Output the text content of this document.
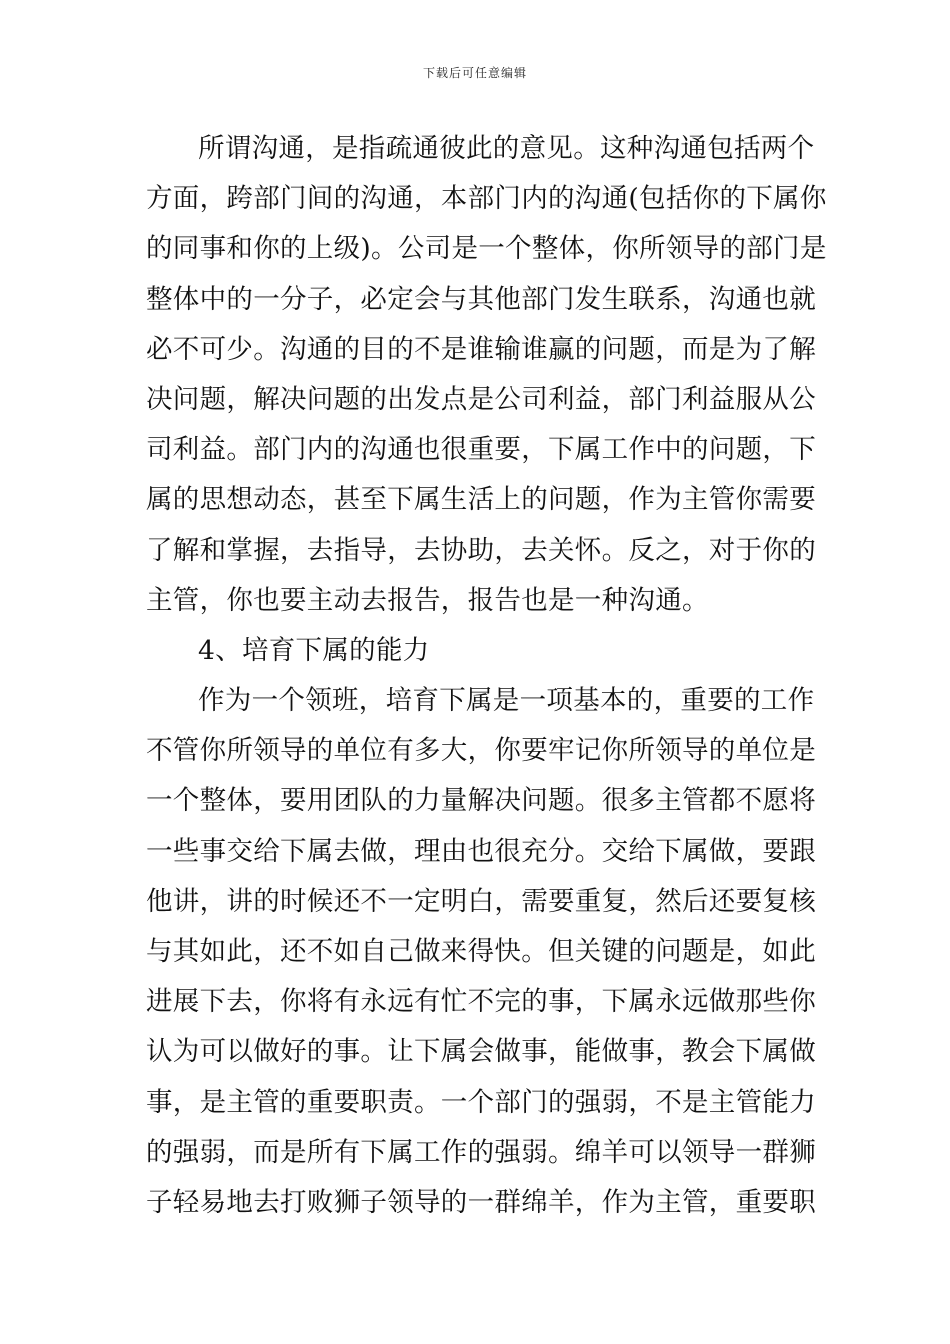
下载后可任意编辑
所谓沟通，是指疏通彼此的意见。这种沟通包括两个
方面，跨部门间的沟通，本部门内的沟通(包括你的下属你
的同事和你的上级)。公司是一个整体，你所领导的部门是
整体中的一分子，必定会与其他部门发生联系，沟通也就
必不可少。沟通的目的不是谁输谁赢的问题，而是为了解
决问题，解决问题的出发点是公司利益，部门利益服从公
司利益。部门内的沟通也很重要，下属工作中的问题，下
属的思想动态，甚至下属生活上的问题，作为主管你需要
了解和掌握，去指导，去协助，去关怀。反之，对于你的
主管，你也要主动去报告，报告也是一种沟通。
4、培育下属的能力
作为一个领班，培育下属是一项基本的，重要的工作
不管你所领导的单位有多大，你要牢记你所领导的单位是
一个整体，要用团队的力量解决问题。很多主管都不愿将
一些事交给下属去做，理由也很充分。交给下属做，要跟
他讲，讲的时候还不一定明白，需要重复，然后还要复核
与其如此，还不如自己做来得快。但关键的问题是，如此
进展下去，你将有永远有忙不完的事，下属永远做那些你
认为可以做好的事。让下属会做事，能做事，教会下属做
事，是主管的重要职责。一个部门的强弱，不是主管能力
的强弱，而是所有下属工作的强弱。绵羊可以领导一群狮
子轻易地去打败狮子领导的一群绵羊，作为主管，重要职
